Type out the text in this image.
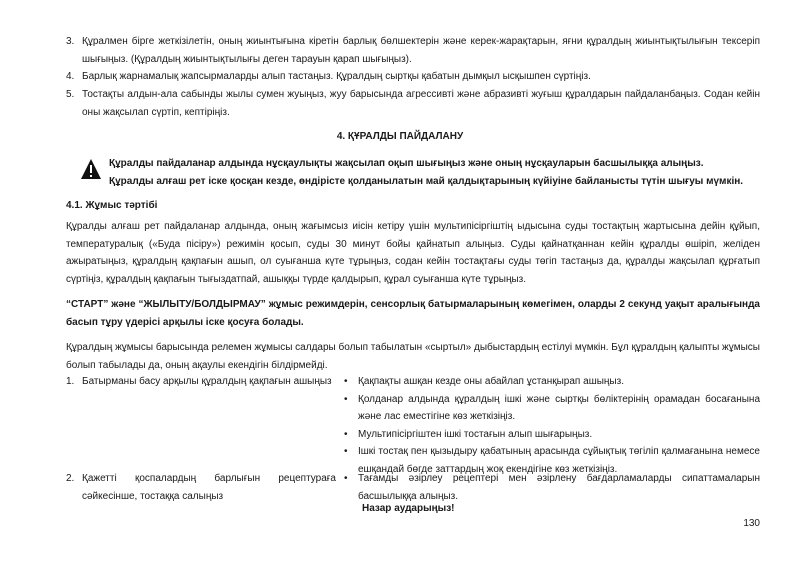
3. Құралмен бірге жеткізілетін, оның жиынтығына кіретін барлық бөлшектерін және керек-жарақтарын, яғни құралдың жиынтықтылығын тексеріп шығыңыз. (Құралдың жиынтықтылығы деген тарауын қарап шығыңыз).
4. Барлық жарнамалық жапсырмаларды алып тастаңыз. Құралдың сыртқы қабатын дымқыл ысқышпен сүртіңіз.
5. Тостақты алдын-ала сабынды жылы сумен жуыңыз, жуу барысында агрессивті және абразивті жуғыш құралдарын пайдаланбаңыз. Содан кейін оны жақсылап сүртіп, кептіріңіз.
4. ҚҰРАЛДЫ ПАЙДАЛАНУ
Құралды пайдаланар алдында нұсқаулықты жақсылап оқып шығыңыз және оның нұсқауларын басшылыққа алыңыз.
Құралды алғаш рет іске қосқан кезде, өндірісте қолданылатын май қалдықтарының күйіуіне байланысты түтін шығуы мүмкін.
4.1. Жұмыс тәртібі
Құралды алғаш рет пайдаланар алдында, оның жағымсыз иісін кетіру үшін мультипісіргіштің ыдысына суды тостақтың жартысына дейін құйып, температуралық («Буда пісіру») режимін қосып, суды 30 минут бойы қайнатып алыңыз. Суды қайнатқаннан кейін құралды өшіріп, желіден ажыратыңыз, құралдың қақпағын ашып, ол суығанша күте тұрыңыз, содан кейін тостақтағы суды төгіп тастаңыз да, құралды жақсылап құрғатып сүртіңіз, құралдың қақпағын тығыздатпай, ашыққы түрде қалдырып, құрал суығанша күте тұрыңыз.
“СТАРТ” және “ЖЫЛЫТУ/БОЛДЫРМАУ” жұмыс режимдерін, сенсорлық батырмаларының көмегімен, оларды 2 секунд уақыт аралығында басып тұру үдерісі арқылы іске қосуға болады.
Құралдың жұмысы барысында релемен жұмысы салдары болып табылатын «сыртыл» дыбыстардың естілуі мүмкін. Бұл құралдың қалыпты жұмысы болып табылады да, оның ақаулы екендігін білдірмейді.
1. Батырманы басу арқылы құралдың қақпағын ашыңыз	• Қақпақты ашқан кезде оны абайлап ұстанқырап ашыңыз.
• Қолданар алдында құралдың ішкі және сыртқы бөліктерінің орамадан босағанына және лас еместігіне көз жеткізіңіз.
• Мультипісіргіштен ішкі тостағын алып шығарыңыз.
• Ішкі тостақ пен қызыдыру қабатының арасында сұйықтық төгіліп қалмағанына немесе ешқандай бөгде заттардың жоқ екендігіне көз жеткізіңіз.
2. Қажетті қоспалардың барлығын рецептураға сәйкесінше, тостаққа салыңыз
• Тағамды әзірлеу рецептері мен әзірлену бағдарламаларды сипаттамаларын басшылыққа алыңыз.
Назар аударыңыз!
130
